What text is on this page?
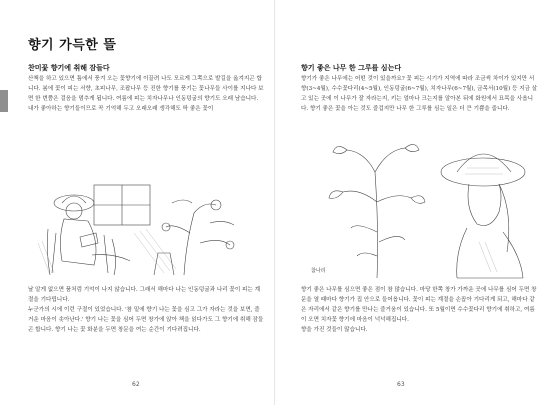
향기 가득한 뜰
찬미꽃 향기에 취해 잠들다

산책을 하고 있으면 틈에서 풍겨 오는 꽃향기에 이끌려 나도 모르게 그쪽으로 발길을 옮겨지곤 합니다. 봄에 꽃이 피는 서향, 초피나무, 조팝나무 등 진한 향기를 풍기는 꽃나무들 사이를 지나다 보면 한 번쯤은 걸음을 멈추게 됩니다. 여름에 피는 치자나무나 인동덩굴의 향기도 오래 남습니다.

내가 좋아하는 향기들이므로 꼭 기억해 두고 오래오래 생각해도 딱 좋은 꽃이

날 알게 없으면 품처럼 기억이 나지 않습니다. 그래서 해마다 나는 인동덩굴과 나리 꽃이 피는 계절을 기다립니다.

누군가의 시에 이런 구절이 있었습니다. '참 밑에 향기 나는 꽃을 심고 그가 자라는 것을 보면, 즐거운 마음이 솟아난다.' 향기 나는 꽃을 심어 두면 창가에 앉아 책을 읽다가도 그 향기에 취해 잠들곤 합니다. 향기 나는 꽃 화분을 두면 창문을 여는 순간이 기다려집니다.

62
향기 좋은 나무 한 그루를 심는다

향기가 좋은 나무에는 어떤 것이 있을까요? 꽃 피는 시기가 지역에 따라 조금씩 차이가 있지만 서향(3~4월), 수수꽃다리(4~5월), 인동덩굴(6~7월), 치자나무(6~7월), 금목서(10월) 등 지금 살고 있는 곳에 이 나무가 잘 자라는지, 키는 얼마나 크는지를 알아본 뒤에 화원에서 묘목을 사옵니다. 향기 좋은 꽃을 아는 것도 즐겁지만 나무 한 그루를 심는 일은 더 큰 기쁨을 줍니다.

참나리

향기 좋은 나무를 심으면 좋은 점이 참 많습니다. 마당 한쪽 창가 가까운 곳에 나무를 심어 두면 창문을 열 때마다 향기가 집 안으로 들어옵니다. 꽃이 피는 계절을 손꼽아 기다리게 되고, 해마다 같은 자리에서 같은 향기를 만나는 즐거움이 있습니다. 또 5월이면 수수꽃다리 향기에 취하고, 여름이 오면 치자꽃 향기에 마음이 넉넉해집니다.

향을 가진 것들이 많습니다.

63
